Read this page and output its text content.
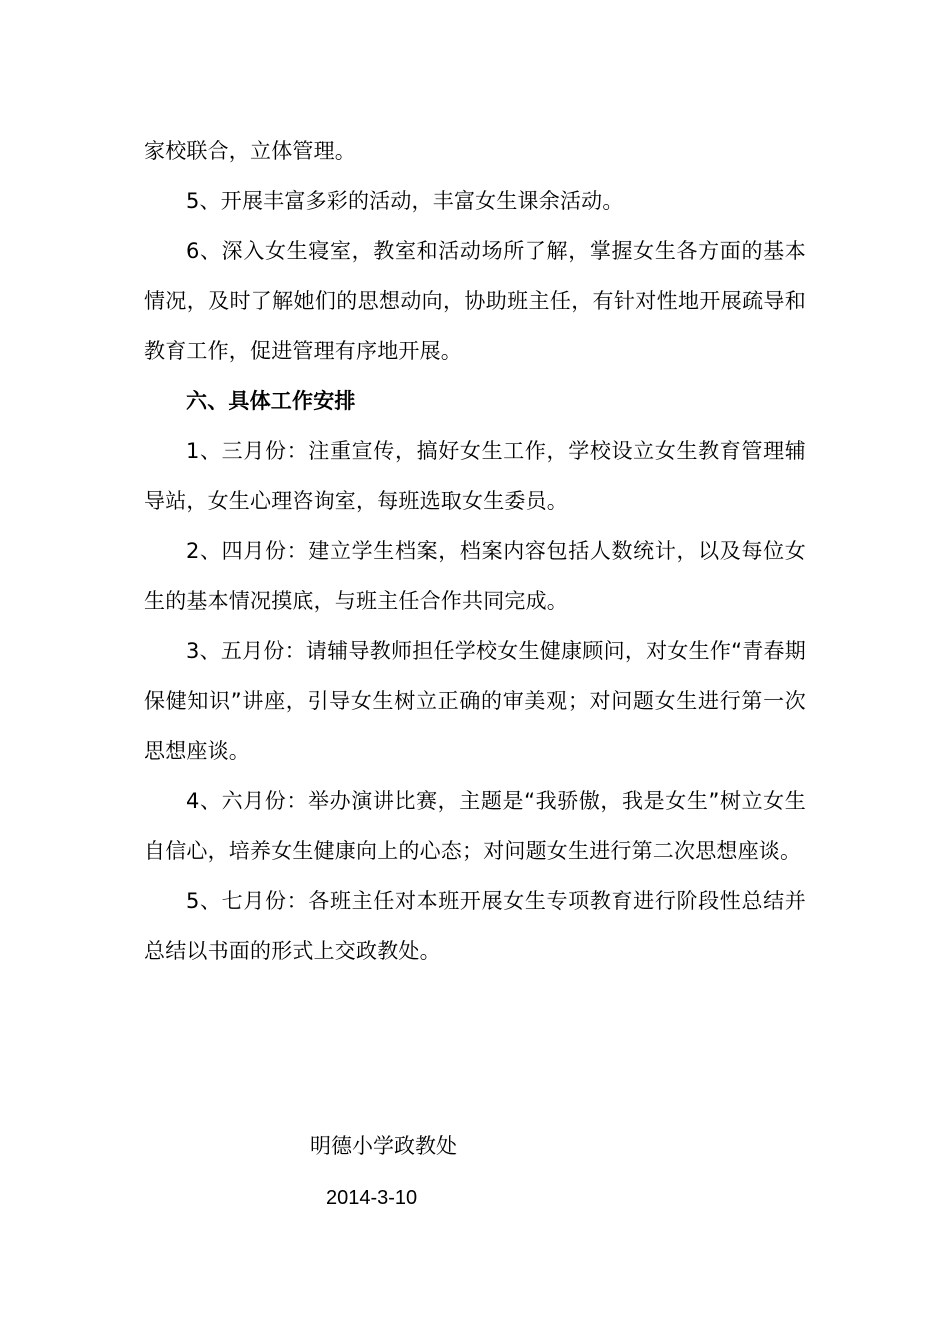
家校联合，立体管理。

5、开展丰富多彩的活动，丰富女生课余活动。

6、深入女生寝室，教室和活动场所了解，掌握女生各方面的基本情况，及时了解她们的思想动向，协助班主任，有针对性地开展疏导和教育工作，促进管理有序地开展。

六、具体工作安排

1、三月份：注重宣传，搞好女生工作，学校设立女生教育管理辅导站，女生心理咨询室，每班选取女生委员。

2、四月份：建立学生档案，档案内容包括人数统计，以及每位女生的基本情况摸底，与班主任合作共同完成。

3、五月份：请辅导教师担任学校女生健康顾问，对女生作“青春期保健知识”讲座，引导女生树立正确的审美观；对问题女生进行第一次思想座谈。

4、六月份：举办演讲比赛，主题是“我骄傲，我是女生”树立女生自信心，培养女生健康向上的心态；对问题女生进行第二次思想座谈。

5、七月份：各班主任对本班开展女生专项教育进行阶段性总结并总结以书面的形式上交政教处。

明德小学政教处
2014-3-10
